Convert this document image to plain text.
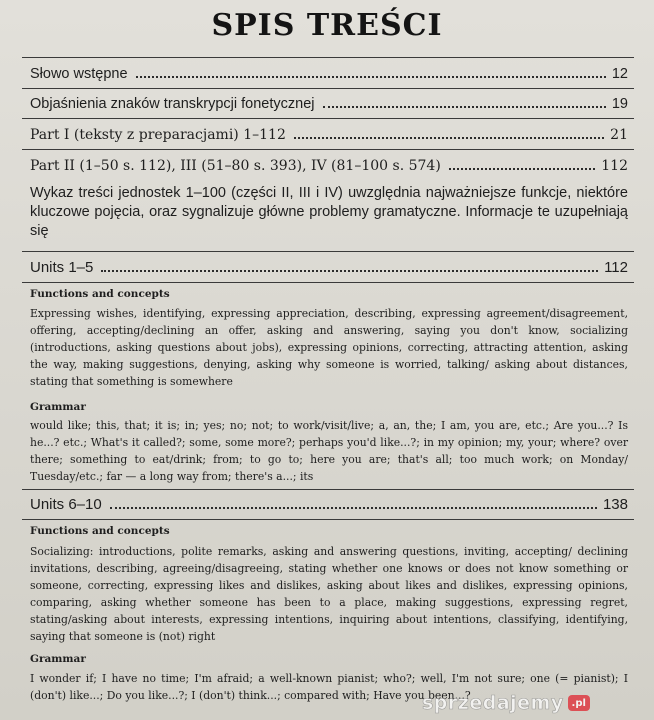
SPIS TREŚCI
Słowo wstępne	12
Objaśnienia znaków transkrypcji fonetycznej	19
Part I (teksty z preparacjami) 1–112	21
Part II (1–50 s. 112), III (51–80 s. 393), IV (81–100 s. 574)	112

Wykaz treści jednostek 1–100 (części II, III i IV) uwzględnia najważniejsze funkcje, niektóre kluczowe pojęcia, oraz sygnalizuje główne problemy gramatyczne. Informacje te uzupełniają się

Units 1–5	112

Functions and concepts

Expressing wishes, identifying, expressing appreciation, describing, expressing agreement/disagreement, offering, accepting/declining an offer, asking and answering, saying you don't know, socializing (introductions, asking questions about jobs), expressing opinions, correcting, attracting attention, asking the way, making suggestions, denying, asking why someone is worried, talking/ asking about distances, stating that something is somewhere

Grammar

would like; this, that; it is; in; yes; no; not; to work/visit/live; a, an, the; I am, you are, etc.; Are you...? Is he...? etc.; What's it called?; some, some more?; perhaps you'd like...?; in my opinion; my, your; where? over there; something to eat/drink; from; to go to; here you are; that's all; too much work; on Monday/ Tuesday/etc.; far — a long way from; there's a...; its

Units 6–10	138

Functions and concepts

Socializing: introductions, polite remarks, asking and answering questions, inviting, accepting/ declining invitations, describing, agreeing/disagreeing, stating whether one knows or does not know something or someone, correcting, expressing likes and dislikes, asking about likes and dislikes, expressing opinions, comparing, asking whether someone has been to a place, making suggestions, expressing regret, stating/asking about interests, expressing intentions, inquiring about intentions, classifying, identifying, saying that someone is (not) right

Grammar

I wonder if; I have no time; I'm afraid; a well-known pianist; who?; well, I'm not sure; one (= pianist); I (don't) like...; Do you like...?; I (don't) think...; compared with; Have you been...?

sprzedajemy .pl
